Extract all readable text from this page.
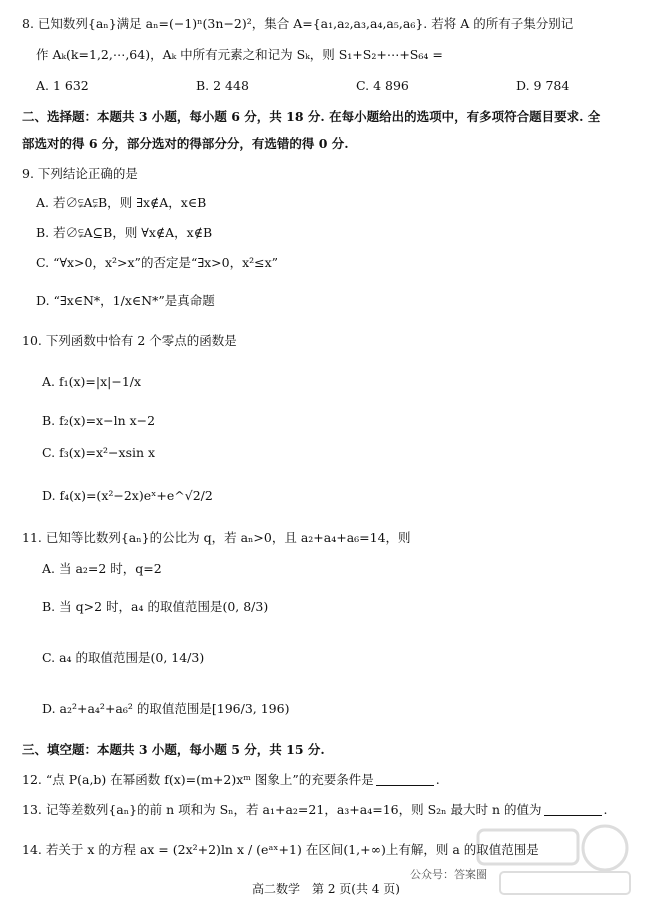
8. 已知数列{aₙ}满足 aₙ=(−1)ⁿ(3n−2)²，集合 A={a₁,a₂,a₃,a₄,a₅,a₆}. 若将 A 的所有子集分别记
作 Aₖ(k=1,2,⋯,64)，Aₖ 中所有元素之和记为 Sₖ，则 S₁+S₂+⋯+S₆₄ =
A. 1 632	B. 2 448	C. 4 896	D. 9 784
二、选择题：本题共 3 小题，每小题 6 分，共 18 分. 在每小题给出的选项中，有多项符合题目要求. 全
部选对的得 6 分，部分选对的得部分分，有选错的得 0 分.
9. 下列结论正确的是
A. 若∅⫋A⫋B，则 ∃x∉A，x∈B
B. 若∅⫋A⊆B，则 ∀x∉A，x∉B
C. “∀x>0，x²>x”的否定是“∃x>0，x²≤x”
D. “∃x∈N*，1/x∈N*”是真命题
10. 下列函数中恰有 2 个零点的函数是
A. f₁(x)=|x|−1/x
B. f₂(x)=x−ln x−2
C. f₃(x)=x²−xsin x
D. f₄(x)=(x²−2x)eˣ+e^√2/2
11. 已知等比数列{aₙ}的公比为 q，若 aₙ>0，且 a₂+a₄+a₆=14，则
A. 当 a₂=2 时，q=2
B. 当 q>2 时，a₄ 的取值范围是(0, 8/3)
C. a₄ 的取值范围是(0, 14/3)
D. a₂²+a₄²+a₆² 的取值范围是[196/3, 196)
三、填空题：本题共 3 小题，每小题 5 分，共 15 分.
12. “点 P(a,b) 在幂函数 f(x)=(m+2)xᵐ 图象上”的充要条件是	.
13. 记等差数列{aₙ}的前 n 项和为 Sₙ，若 a₁+a₂=21，a₃+a₄=16，则 S₂ₙ 最大时 n 的值为	.
14. 若关于 x 的方程 ax = (2x²+2)ln x / (eᵃˣ+1) 在区间(1,+∞)上有解，则 a 的取值范围是
公众号：答案圈
高二数学　第 2 页(共 4 页)
